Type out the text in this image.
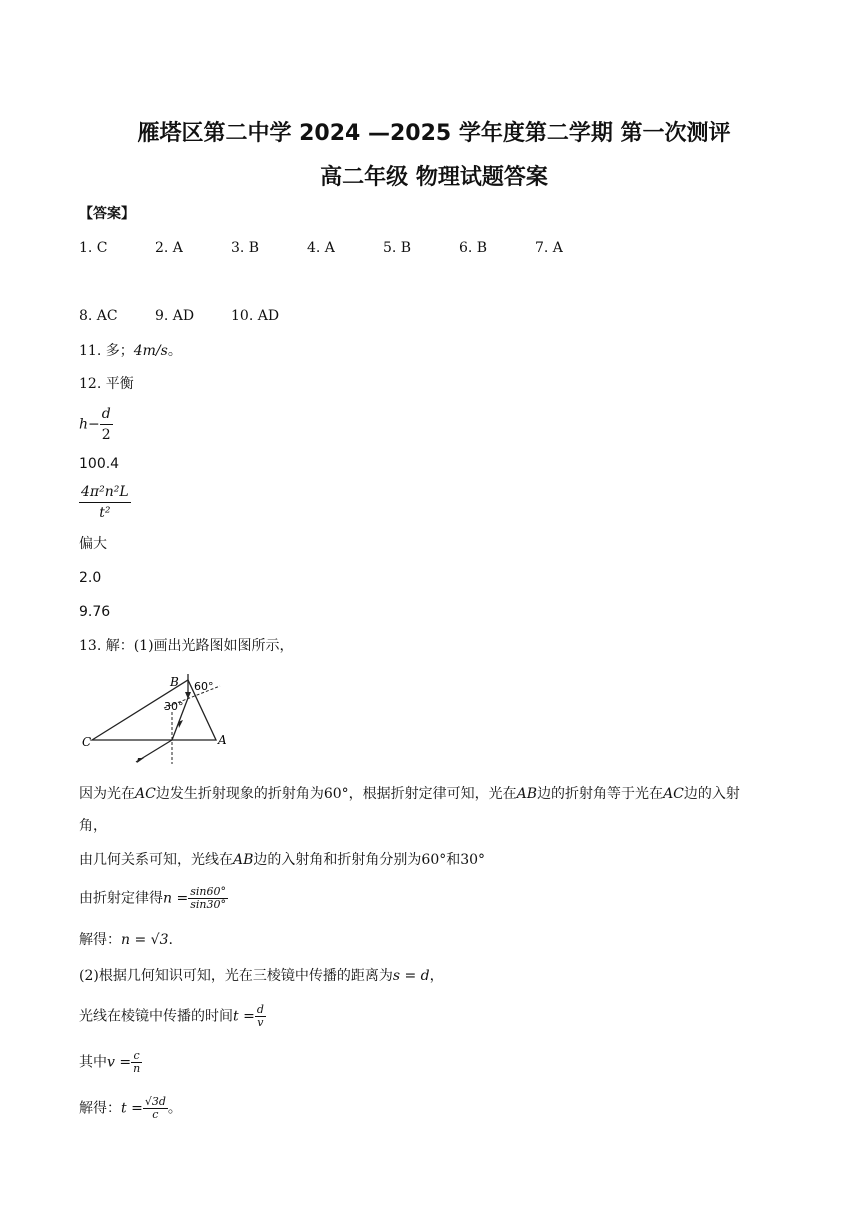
雁塔区第二中学 2024 —2025 学年度第二学期 第一次测评
高二年级 物理试题答案
【答案】
1. C	2. A	3. B	4. A	5. B	6. B	7. A
8. AC	9. AD	10. AD
11. 多；4m/s。
12. 平衡
$h- \frac{d}{2}$
100.4
$\frac{\text{4π²n²L}}{\text{t²}}$
偏大
2.0
9.76
13. 解：(1)画出光路图如图所示，
B
C	A
60°
30°
因为光在AC边发生折射现象的折射角为60°，根据折射定律可知，光在AB边的折射角等于光在AC边的入射
角，
由几何关系可知，光线在AB边的入射角和折射角分别为60°和30°
由折射定律得$n = \frac{\sin 60^\circ}{\sin 30^\circ}$
解得：n = √3.
(2)根据几何知识可知，光在三棱镜中传播的距离为s = d，
光线在棱镜中传播的时间$t = \frac{d}{v}$
其中$v = \frac{c}{n}$
解得：$t = \frac{√3d}{c}$ 。
